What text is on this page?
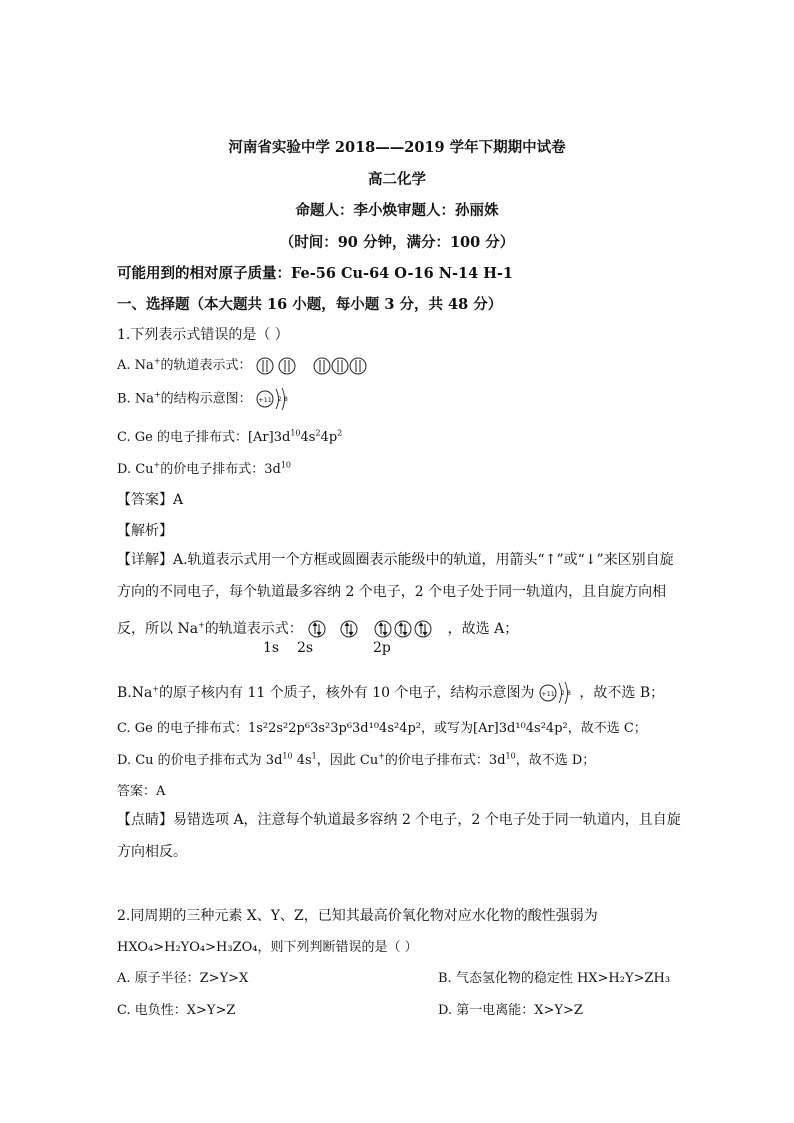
河南省实验中学 2018——2019 学年下期期中试卷
高二化学
命题人：李小焕审题人：孙丽姝
（时间：90 分钟，满分：100 分）
可能用到的相对原子质量：Fe-56 Cu-64 O-16 N-14 H-1
一、选择题（本大题共 16 小题，每小题 3 分，共 48 分）
1.下列表示式错误的是（ ）
A. Na+的轨道表示式：
B. Na+的结构示意图： +11 2 8
C. Ge 的电子排布式：$[Ar]3d^{10}4s^24p^2$
D. Cu+的价电子排布式：$3d^{10}$
【答案】A
【解析】
【详解】A.轨道表示式用一个方框或圆圈表示能级中的轨道，用箭头“↑”或“↓”来区别自旋方向的不同电子，每个轨道最多容纳 2 个电子，2 个电子处于同一轨道内，且自旋方向相
反，所以 Na+的轨道表示式：	，故选 A；
1s 2s	2p
B.Na+的原子核内有 11 个质子，核外有 10 个电子，结构示意图为 +11 2 8 ，故不选 B；
C. Ge 的电子排布式：1s²2s²2p⁶3s²3p⁶3d¹⁰4s²4p²，或写为[Ar]3d¹⁰4s²4p²，故不选 C；
D. Cu 的价电子排布式为 $3d^{10}$ $4s^1$，因此 Cu+的价电子排布式：$3d^{10}$，故不选 D；
答案：A
【点睛】易错选项 A，注意每个轨道最多容纳 2 个电子，2 个电子处于同一轨道内，且自旋方向相反。
2.同周期的三种元素 X、Y、Z，已知其最高价氧化物对应水化物的酸性强弱为
HXO₄>H₂YO₄>H₃ZO₄，则下列判断错误的是（ ）
A. 原子半径：Z>Y>X	B. 气态氢化物的稳定性 HX>H₂Y>ZH₃
C. 电负性：X>Y>Z	D. 第一电离能：X>Y>Z
